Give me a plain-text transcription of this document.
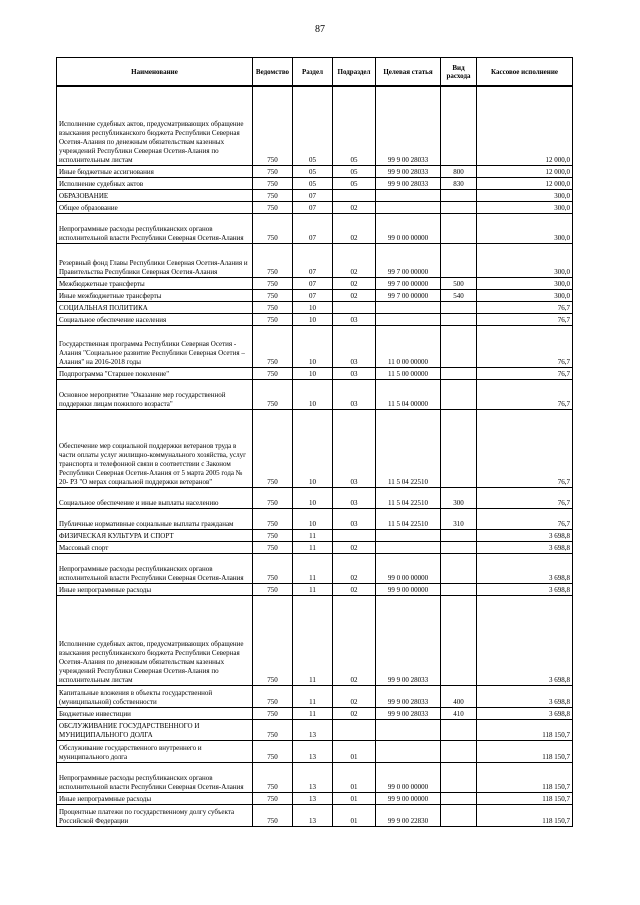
87
Наименование	Ведомство	Раздел	Подраздел	Целевая статья	Вид расхода	Кассовое исполнение
Исполнение судебных актов, предусматривающих обращение взыскания республиканского бюджета Республики Северная Осетия-Алания по денежным обязательствам казенных учреждений Республики Северная Осетия-Алания по исполнительным листам	750	05	05	99 9 00 28033		12 000,0
Иные бюджетные ассигнования	750	05	05	99 9 00 28033	800	12 000,0
Исполнение судебных актов	750	05	05	99 9 00 28033	830	12 000,0
ОБРАЗОВАНИЕ	750	07				300,0
Общее образование	750	07	02			300,0
Непрограммные расходы республиканских органов исполнительной власти Республики Северная Осетия-Алания	750	07	02	99 0 00 00000		300,0
Резервный фонд Главы Республики Северная Осетия-Алания и Правительства Республики Северная Осетия-Алания	750	07	02	99 7 00 00000		300,0
Межбюджетные трансферты	750	07	02	99 7 00 00000	500	300,0
Иные межбюджетные трансферты	750	07	02	99 7 00 00000	540	300,0
СОЦИАЛЬНАЯ ПОЛИТИКА	750	10				76,7
Социальное обеспечение населения	750	10	03			76,7
Государственная программа Республики Северная Осетия - Алания "Социальное развитие Республики Северная Осетия – Алания" на 2016-2018 годы	750	10	03	11 0 00 00000		76,7
Подпрограмма "Старшее поколение"	750	10	03	11 5 00 00000		76,7
Основное мероприятие "Оказание мер государственной поддержки лицам пожилого возраста"	750	10	03	11 5 04 00000		76,7
Обеспечение мер социальной поддержки ветеранов труда в части оплаты услуг жилищно-коммунального хозяйства, услуг транспорта и телефонной связи в соответствии с Законом Республики Северная Осетия-Алания от 5 марта 2005 года № 20- РЗ "О мерах социальной поддержки ветеранов"	750	10	03	11 5 04 22510		76,7
Социальное обеспечение и иные выплаты населению	750	10	03	11 5 04 22510	300	76,7
Публичные нормативные социальные выплаты гражданам	750	10	03	11 5 04 22510	310	76,7
ФИЗИЧЕСКАЯ КУЛЬТУРА И СПОРТ	750	11				3 698,8
Массовый спорт	750	11	02			3 698,8
Непрограммные расходы республиканских органов исполнительной власти Республики Северная Осетия-Алания	750	11	02	99 0 00 00000		3 698,8
Иные непрограммные расходы	750	11	02	99 9 00 00000		3 698,8
Исполнение судебных актов, предусматривающих обращение взыскания республиканского бюджета Республики Северная Осетия-Алания по денежным обязательствам казенных учреждений Республики Северная Осетия-Алания по исполнительным листам	750	11	02	99 9 00 28033		3 698,8
Капитальные вложения в объекты государственной (муниципальной) собственности	750	11	02	99 9 00 28033	400	3 698,8
Бюджетные инвестиции	750	11	02	99 9 00 28033	410	3 698,8
ОБСЛУЖИВАНИЕ ГОСУДАРСТВЕННОГО И МУНИЦИПАЛЬНОГО ДОЛГА	750	13				118 150,7
Обслуживание государственного внутреннего и муниципального долга	750	13	01			118 150,7
Непрограммные расходы республиканских органов исполнительной власти Республики Северная Осетия-Алания	750	13	01	99 0 00 00000		118 150,7
Иные непрограммные расходы	750	13	01	99 9 00 00000		118 150,7
Процентные платежи по государственному долгу субъекта Российской Федерации	750	13	01	99 9 00 22830		118 150,7
